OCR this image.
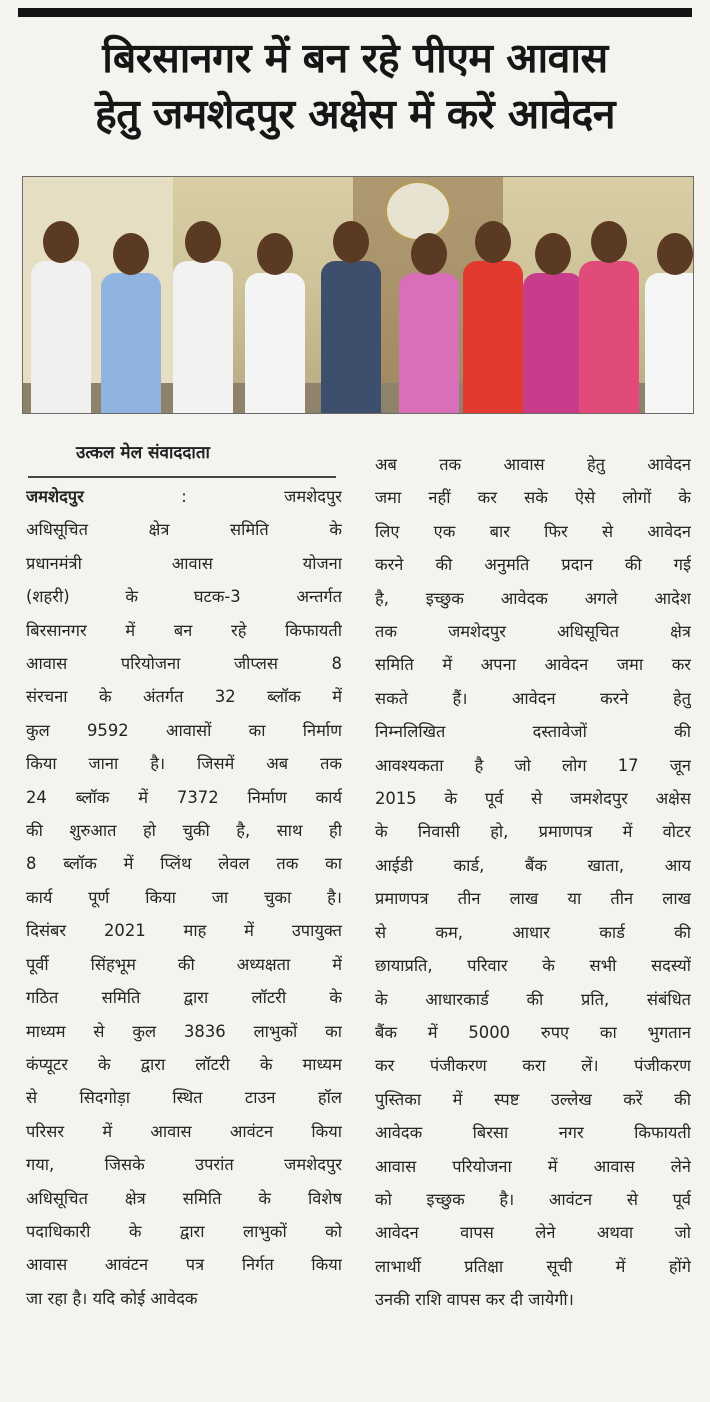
बिरसानगर में बन रहे पीएम आवास
हेतु जमशेदपुर अक्षेस में करें आवेदन
उत्कल मेल संवाददाता
जमशेदपुर	: जमशेदपुर
अधिसूचित क्षेत्र समिति के
प्रधानमंत्री आवास योजना
(शहरी) के घटक-3 अन्तर्गत
बिरसानगर में बन रहे किफायती
आवास परियोजना जीप्लस 8
संरचना के अंतर्गत 32 ब्लॉक में
कुल 9592 आवासों का निर्माण
किया जाना है। जिसमें अब तक
24 ब्लॉक में 7372 निर्माण कार्य
की शुरुआत हो चुकी है, साथ ही
8 ब्लॉक में प्लिंथ लेवल तक का
कार्य पूर्ण किया जा चुका है।
दिसंबर 2021 माह में उपायुक्त
पूर्वी सिंहभूम की अध्यक्षता में
गठित समिति द्वारा लॉटरी के
माध्यम से कुल 3836 लाभुकों का
कंप्यूटर के द्वारा लॉटरी के माध्यम
से सिदगोड़ा स्थित टाउन हॉल
परिसर में आवास आवंटन किया
गया, जिसके उपरांत जमशेदपुर
अधिसूचित क्षेत्र समिति के विशेष
पदाधिकारी के द्वारा लाभुकों को
आवास आवंटन पत्र निर्गत किया
जा रहा है। यदि कोई आवेदक
अब तक आवास हेतु आवेदन
जमा नहीं कर सके ऐसे लोगों के
लिए एक बार फिर से आवेदन
करने की अनुमति प्रदान की गई
है, इच्छुक आवेदक अगले आदेश
तक जमशेदपुर अधिसूचित क्षेत्र
समिति में अपना आवेदन जमा कर
सकते हैं। आवेदन करने हेतु
निम्नलिखित दस्तावेजों की
आवश्यकता है जो लोग 17 जून
2015 के पूर्व से जमशेदपुर अक्षेस
के निवासी हो, प्रमाणपत्र में वोटर
आईडी कार्ड, बैंक खाता, आय
प्रमाणपत्र तीन लाख या तीन लाख
से कम, आधार कार्ड की
छायाप्रति, परिवार के सभी सदस्यों
के आधारकार्ड की प्रति, संबंधित
बैंक में 5000 रुपए का भुगतान
कर पंजीकरण करा लें। पंजीकरण
पुस्तिका में स्पष्ट उल्लेख करें की
आवेदक बिरसा नगर किफायती
आवास परियोजना में आवास लेने
को इच्छुक है। आवंटन से पूर्व
आवेदन वापस लेने अथवा जो
लाभार्थी प्रतिक्षा सूची में होंगे
उनकी राशि वापस कर दी जायेगी।
